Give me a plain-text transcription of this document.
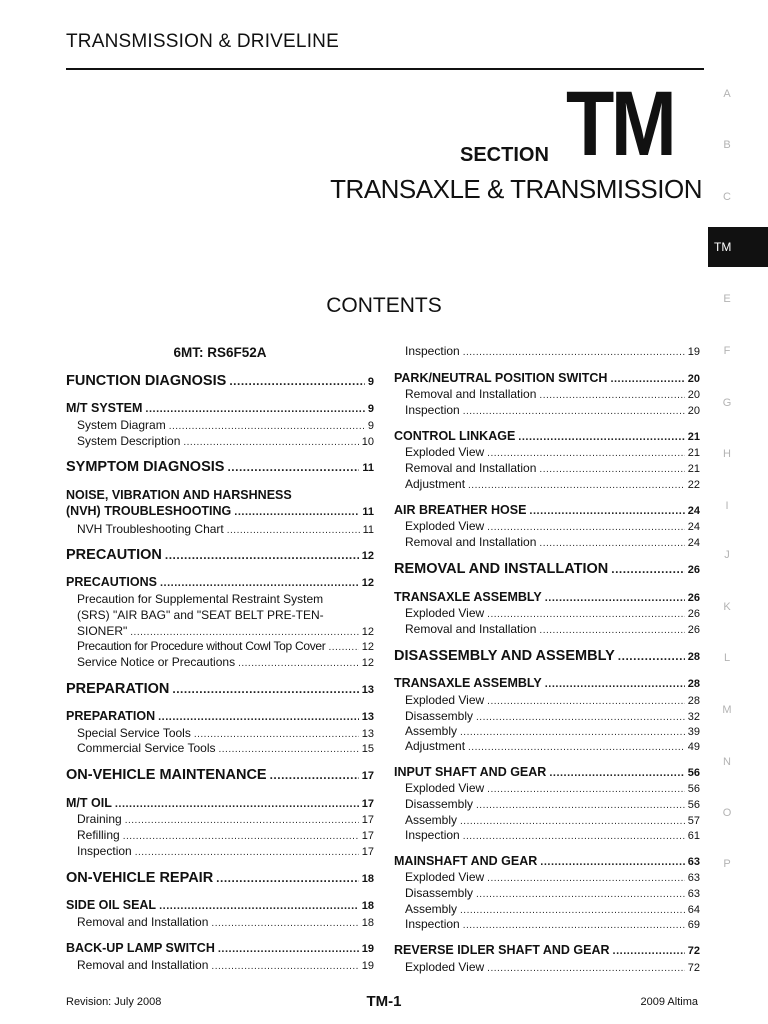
TRANSMISSION & DRIVELINE
SECTION TM
TRANSAXLE & TRANSMISSION
CONTENTS
A
B
C
TM
E
F
G
H
I
J
K
L
M
N
O
P
6MT: RS6F52A
FUNCTION DIAGNOSIS .....	9
M/T SYSTEM .....	9
System Diagram .....	9
System Description .....	10
SYMPTOM DIAGNOSIS .....	11
NOISE, VIBRATION AND HARSHNESS
(NVH) TROUBLESHOOTING .....	11
NVH Troubleshooting Chart .....	11
PRECAUTION .....	12
PRECAUTIONS .....	12
Precaution for Supplemental Restraint System
(SRS) "AIR BAG" and "SEAT BELT PRE-TEN-
SIONER" .....	12
Precaution for Procedure without Cowl Top Cover .....	12
Service Notice or Precautions .....	12
PREPARATION .....	13
PREPARATION .....	13
Special Service Tools .....	13
Commercial Service Tools .....	15
ON-VEHICLE MAINTENANCE .....	17
M/T OIL .....	17
Draining .....	17
Refilling .....	17
Inspection .....	17
ON-VEHICLE REPAIR .....	18
SIDE OIL SEAL .....	18
Removal and Installation .....	18
BACK-UP LAMP SWITCH .....	19
Removal and Installation .....	19
Inspection .....	19
PARK/NEUTRAL POSITION SWITCH .....	20
Removal and Installation .....	20
Inspection .....	20
CONTROL LINKAGE .....	21
Exploded View .....	21
Removal and Installation .....	21
Adjustment .....	22
AIR BREATHER HOSE .....	24
Exploded View .....	24
Removal and Installation .....	24
REMOVAL AND INSTALLATION .....	26
TRANSAXLE ASSEMBLY .....	26
Exploded View .....	26
Removal and Installation .....	26
DISASSEMBLY AND ASSEMBLY .....	28
TRANSAXLE ASSEMBLY .....	28
Exploded View .....	28
Disassembly .....	32
Assembly .....	39
Adjustment .....	49
INPUT SHAFT AND GEAR .....	56
Exploded View .....	56
Disassembly .....	56
Assembly .....	57
Inspection .....	61
MAINSHAFT AND GEAR .....	63
Exploded View .....	63
Disassembly .....	63
Assembly .....	64
Inspection .....	69
REVERSE IDLER SHAFT AND GEAR .....	72
Exploded View .....	72
Revision: July 2008	TM-1	2009 Altima
